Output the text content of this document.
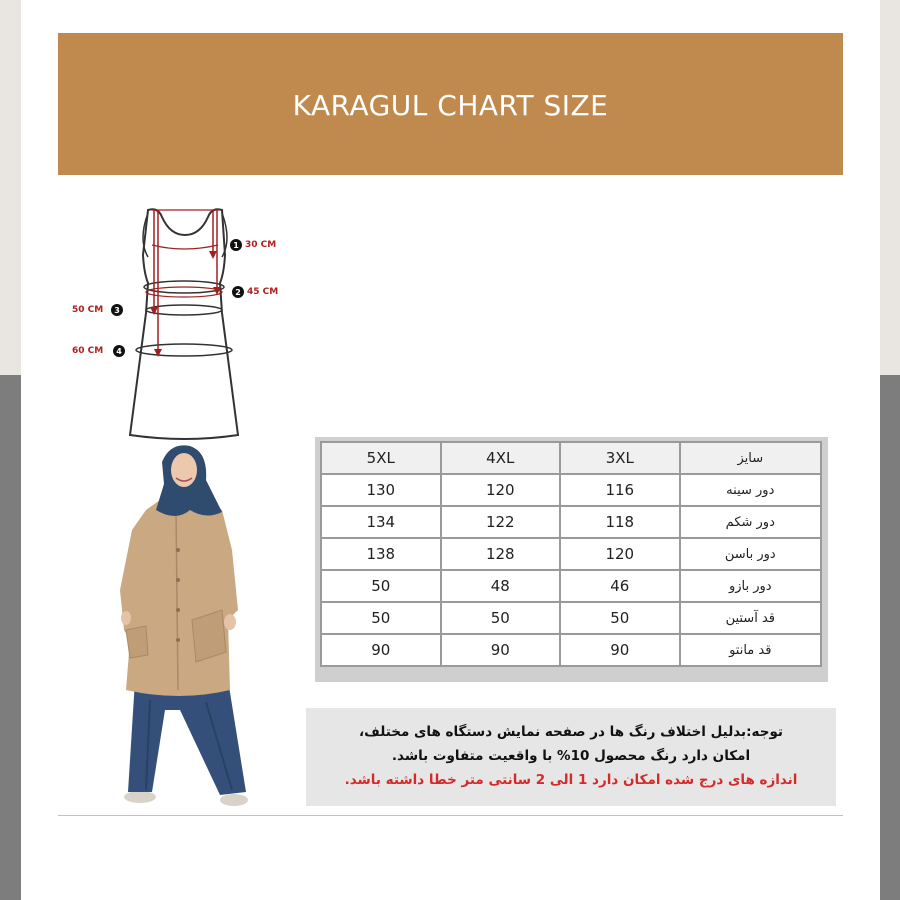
KARAGUL CHART SIZE
1 30 CM
2 45 CM
50 CM	3
60 CM	4
5XL	4XL	3XL	سایز
130	120	116	دور سینه
134	122	118	دور شکم
138	128	120	دور باسن
50	48	46	دور بازو
50	50	50	قد آستین
90	90	90	قد مانتو

توجه:بدلیل اختلاف رنگ ها در صفحه نمایش دستگاه های مختلف،

امکان دارد رنگ محصول 10% با واقعیت متفاوت باشد.

اندازه های درج شده امکان دارد 1 الی 2 سانتی متر خطا داشته باشد.
